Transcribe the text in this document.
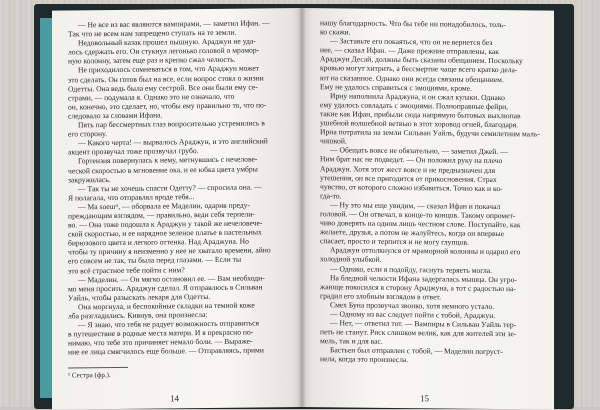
— Не все из вас являются вампирами, — заметил Ифан. —
Так что не всем нам запрещено ступать на те земли.
Недовольный казак прошел пышную. Араджун не уда-
лось сдержать его. Он стукнул легонько головой о мрамор-
ную колонну, затем еще раз и крепко сжал челюсть.
Не приходилось сомневаться в том, что Араджун может
это сделать. Он готов был на все, если вопрос стоял о жизни
Одетты. Она ведь была ему сестрой. Все они были ему се-
страми, — подумала я. Однако это не означало, что
он, конечно, это сделает, но, чтобы ему правильно то, что по-
следовало за словами Ифана.
Пять пар бессмертных глаз вопросительно устремились в
его сторону.
— Какого черта! — вырвалось Араджун, и это английский
акцент прозвучал тоже прозвучал грубо.
Гортензия повернулась к нему, метнувшись с нечелове-
ческой скоростью в мгновение ока, и ее юбка цвета умбры
закружилась.
— Так ты не хочешь спасти Одетту? — спросила она. —
Я полагала, что отправлял вроде тебя...
— Ма soeur¹, — оборвала ее Маделин, одарив преду-
преждающим взглядом, — правильно, веди себя терпели-
во. — Она тоже подошла к Араджун у такой же нечеловече-
ской скоростью, и ее нарядное зеленое платье в пастельных
бирюзового цвета и легкого оттенка. Над Араджуна. Но
чтобы ту причину я неизменно у нее не хватало времени, айно
его совсем не так, ты была перед глазами. — Если ты
это всё страстное тебе пойти с ним?
— Маделин. — Он мягко остановил ее. — Вам необходи-
мо меня просить. Араджун сделал. Я отправлюсь в Сильван
Уайль, чтобы разыскать лекаря для Одетты.
Она моргнула, и беспокойные складки на темной коже
лба разгладились. Кивнув, она произнесла:
— Я знаю, что тебя не радует возможность отправиться
в путешествие в родные места матери. И я прекрасно по-
нимаю, что тебе это причиняет немало боли. — Выраже-
ние ее лица смягчилось еще больше. — Отправляясь, прими
¹ Сестра (фр.).
14
нашу благодарность. Что бы тебе ни понадобилось, толь-
ко скажи.
— Заставьте его покаяться, что он не вернется без
нее, — сказал Ифан. — Даже прежние отправлены, как
Араджун Десай, должны быть сказаны обещанием. Поскольку
кровью могут хитрить, а бессмертие чаще всего кратко дела-
ют на сказанное. Однако они всегда связаны обещанием.
Ему не удалось справиться с эмоциями, кроме.
Ирну наполнила Араджуна, и он сжал кулаки. Однако
ему удалось совладать с эмоциями. Полноправные фейри,
такие как Ифан, прибыли сюда напрямую бытовых выхлюпав
ушебной волшебной ветвью в этот хоровод огней, благодаря.
Ирна потратила на земли Сильван Уайль, будучи семилетним маль-
чишкой.
— Обещать вовсе не обязательно, — заметил Джей. —
Ним брат нас не подведет. — Он положил руку на плечо
Араджун. Хотя этот жест вовсе и не предназначен для
утешения, он все пригодится от прикосновения. Страх
чувство, от которого сложно избавиться. Точно как и ко-
гда-то.
— Ну это мы еще увидим, — сказал Ифан и покачал
головой. — Он отвечал, в конце-то концов. Такому опромет-
чиво доверять на одном лишь честном слове. Поступайте, как
желаете, друзья, а потом не жалуйтесь, когда он впервые
спасает, просто и терпится и не могу глупцов.
Араджун оттолкнулся от мраморной колонны и одарил его
холодной улыбкой.
— Однако, если я подойду, гаснуть теряеть могла.
На бледной челюсти Ифана задергалась мышца. Он угро-
жающе покосился в сторону Араджуна, а тот с радостью на-
градил его злобным взглядом в ответ.
Смех Буна прозвучал звонко, хотя немного устало.
— Одному из вас следует пойти с тобой, Араджун.
— Нет, — ответил тот. — Вампиры в Сильван Уайль тер-
петь не станут. Риск слишком велик, как для жителей эти зе-
мель, так и для вас.
Бастьен был отправлен с тобой, — Маделин погруст-
нела, когда это произнесла.
15
